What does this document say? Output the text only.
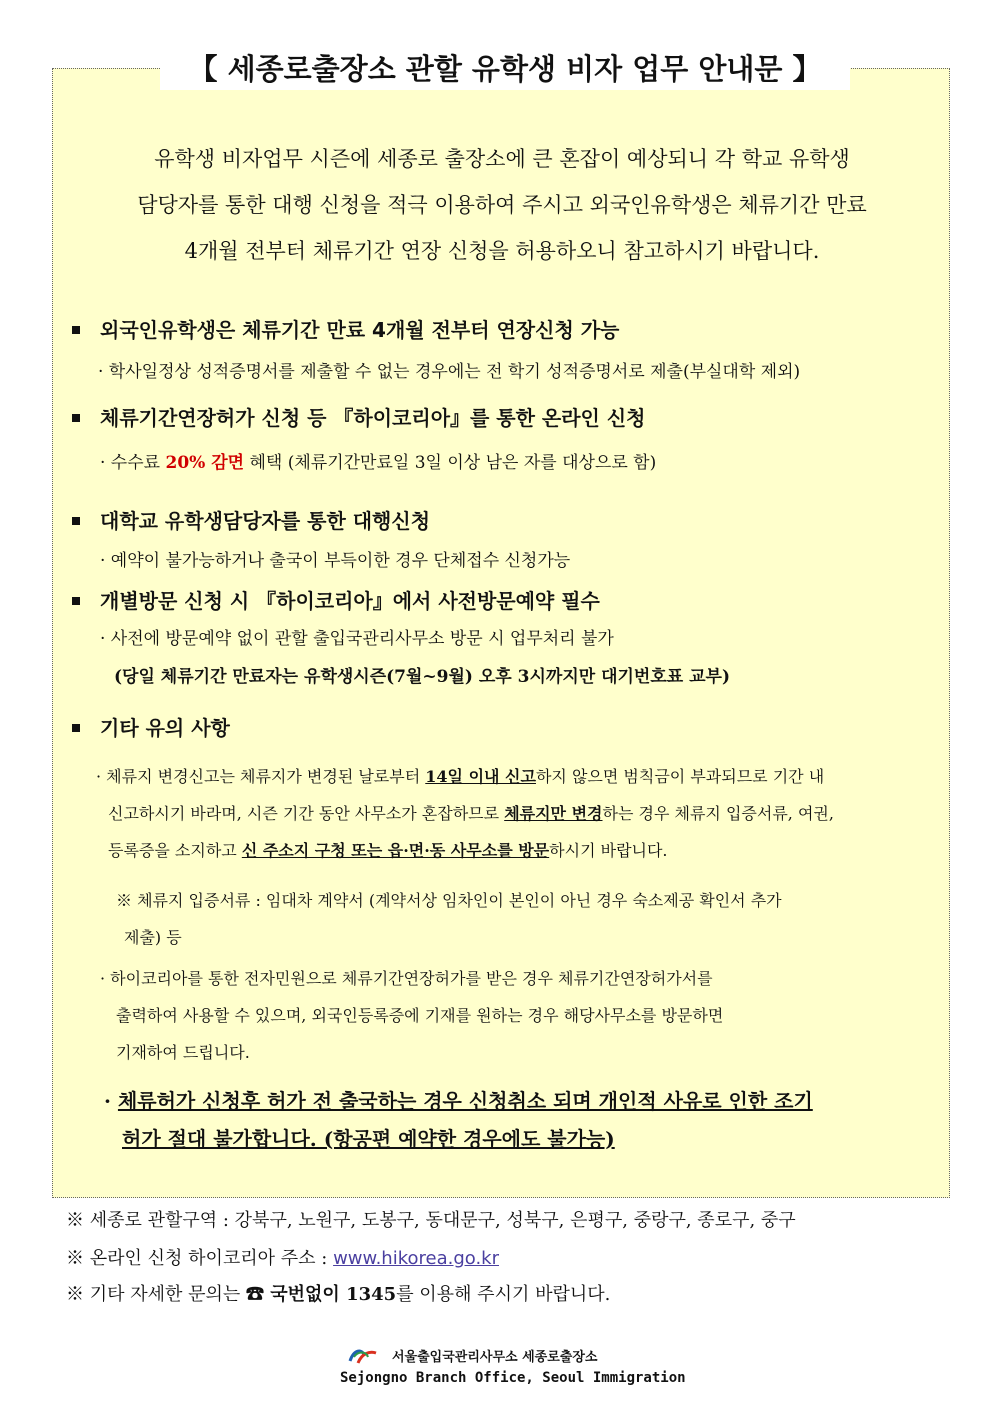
【 세종로출장소 관할 유학생 비자 업무 안내문 】
유학생 비자업무 시즌에 세종로 출장소에 큰 혼잡이 예상되니 각 학교 유학생
담당자를 통한 대행 신청을 적극 이용하여 주시고 외국인유학생은 체류기간 만료
4개월 전부터 체류기간 연장 신청을 허용하오니 참고하시기 바랍니다.
외국인유학생은 체류기간 만료 4개월 전부터 연장신청 가능
· 학사일정상 성적증명서를 제출할 수 없는 경우에는 전 학기 성적증명서로 제출(부실대학 제외)
체류기간연장허가 신청 등 『하이코리아』를 통한 온라인 신청
· 수수료 20% 감면 혜택 (체류기간만료일 3일 이상 남은 자를 대상으로 함)
대학교 유학생담당자를 통한 대행신청
· 예약이 불가능하거나 출국이 부득이한 경우 단체접수 신청가능
개별방문 신청 시 『하이코리아』에서 사전방문예약 필수
· 사전에 방문예약 없이 관할 출입국관리사무소 방문 시 업무처리 불가
(당일 체류기간 만료자는 유학생시즌(7월~9월) 오후 3시까지만 대기번호표 교부)
기타 유의 사항
· 체류지 변경신고는 체류지가 변경된 날로부터 14일 이내 신고하지 않으면 범칙금이 부과되므로 기간 내
신고하시기 바라며, 시즌 기간 동안 사무소가 혼잡하므로 체류지만 변경하는 경우 체류지 입증서류, 여권,
등록증을 소지하고 신 주소지 구청 또는 읍·면·동 사무소를 방문하시기 바랍니다.
※ 체류지 입증서류 : 임대차 계약서 (계약서상 임차인이 본인이 아닌 경우 숙소제공 확인서 추가
제출) 등
· 하이코리아를 통한 전자민원으로 체류기간연장허가를 받은 경우 체류기간연장허가서를
출력하여 사용할 수 있으며, 외국인등록증에 기재를 원하는 경우 해당사무소를 방문하면
기재하여 드립니다.
· 체류허가 신청후 허가 전 출국하는 경우 신청취소 되며 개인적 사유로 인한 조기
허가 절대 불가합니다. (항공편 예약한 경우에도 불가능)
※ 세종로 관할구역 : 강북구, 노원구, 도봉구, 동대문구, 성북구, 은평구, 중랑구, 종로구, 중구
※ 온라인 신청 하이코리아 주소 : www.hikorea.go.kr
※ 기타 자세한 문의는 ☎ 국번없이 1345를 이용해 주시기 바랍니다.
서울출입국관리사무소 세종로출장소
Sejongno Branch Office, Seoul Immigration
